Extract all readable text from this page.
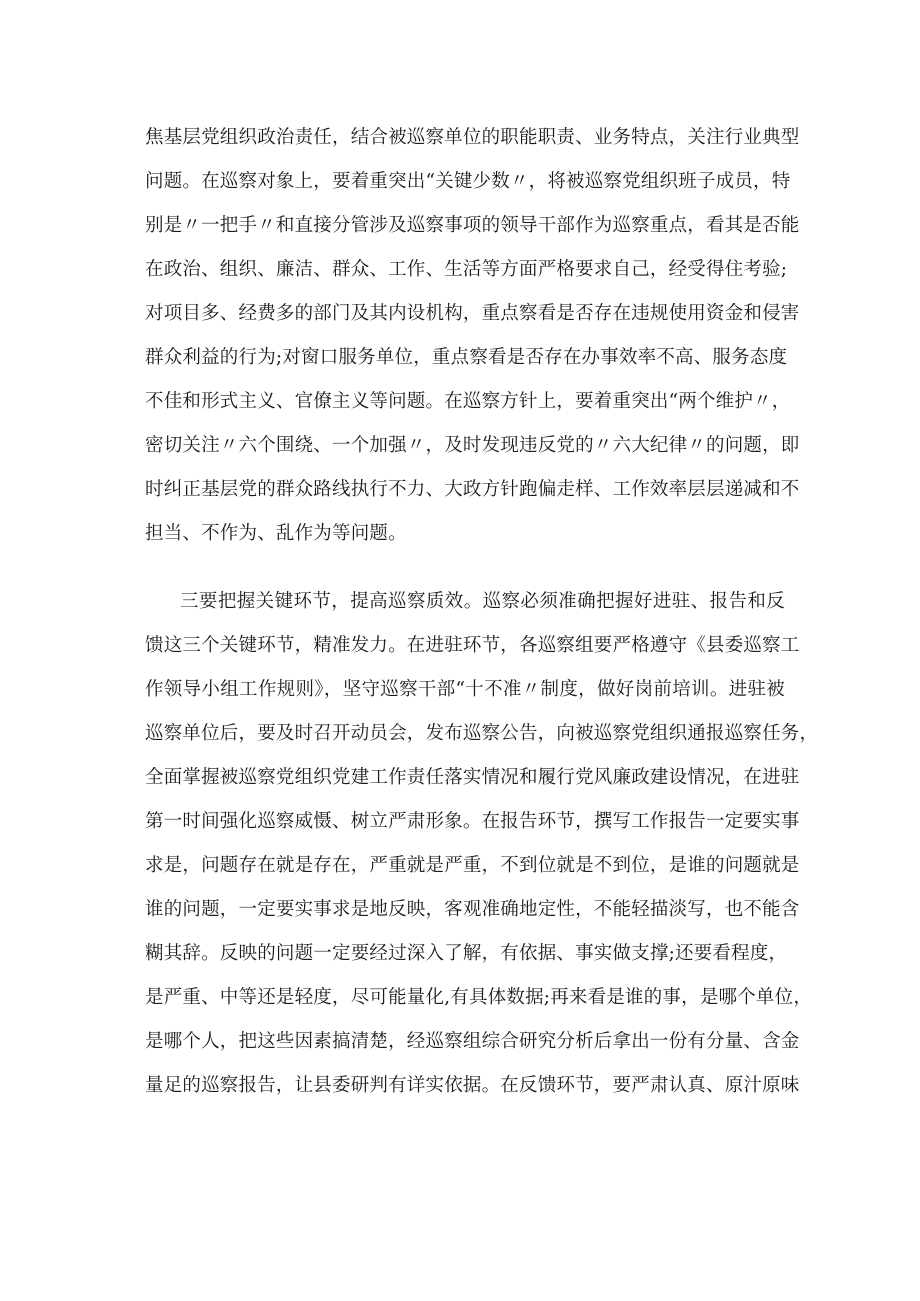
焦基层党组织政治责任，结合被巡察单位的职能职责、业务特点，关注行业典型
问题。在巡察对象上，要着重突出“关键少数〃，将被巡察党组织班子成员，特
别是〃一把手〃和直接分管涉及巡察事项的领导干部作为巡察重点，看其是否能
在政治、组织、廉洁、群众、工作、生活等方面严格要求自己，经受得住考验;
对项目多、经费多的部门及其内设机构，重点察看是否存在违规使用资金和侵害
群众利益的行为;对窗口服务单位，重点察看是否存在办事效率不高、服务态度
不佳和形式主义、官僚主义等问题。在巡察方针上，要着重突出“两个维护〃，
密切关注〃六个围绕、一个加强〃，及时发现违反党的〃六大纪律〃的问题，即
时纠正基层党的群众路线执行不力、大政方针跑偏走样、工作效率层层递减和不
担当、不作为、乱作为等问题。
三要把握关键环节，提高巡察质效。巡察必须准确把握好进驻、报告和反
馈这三个关键环节，精准发力。在进驻环节，各巡察组要严格遵守《县委巡察工
作领导小组工作规则》，坚守巡察干部“十不准〃制度，做好岗前培训。进驻被
巡察单位后，要及时召开动员会，发布巡察公告，向被巡察党组织通报巡察任务，
全面掌握被巡察党组织党建工作责任落实情况和履行党风廉政建设情况，在进驻
第一时间强化巡察威慑、树立严肃形象。在报告环节，撰写工作报告一定要实事
求是，问题存在就是存在，严重就是严重，不到位就是不到位，是谁的问题就是
谁的问题，一定要实事求是地反映，客观准确地定性，不能轻描淡写，也不能含
糊其辞。反映的问题一定要经过深入了解，有依据、事实做支撑;还要看程度，
是严重、中等还是轻度，尽可能量化,有具体数据;再来看是谁的事，是哪个单位，
是哪个人，把这些因素搞清楚，经巡察组综合研究分析后拿出一份有分量、含金
量足的巡察报告，让县委研判有详实依据。在反馈环节，要严肃认真、原汁原味
